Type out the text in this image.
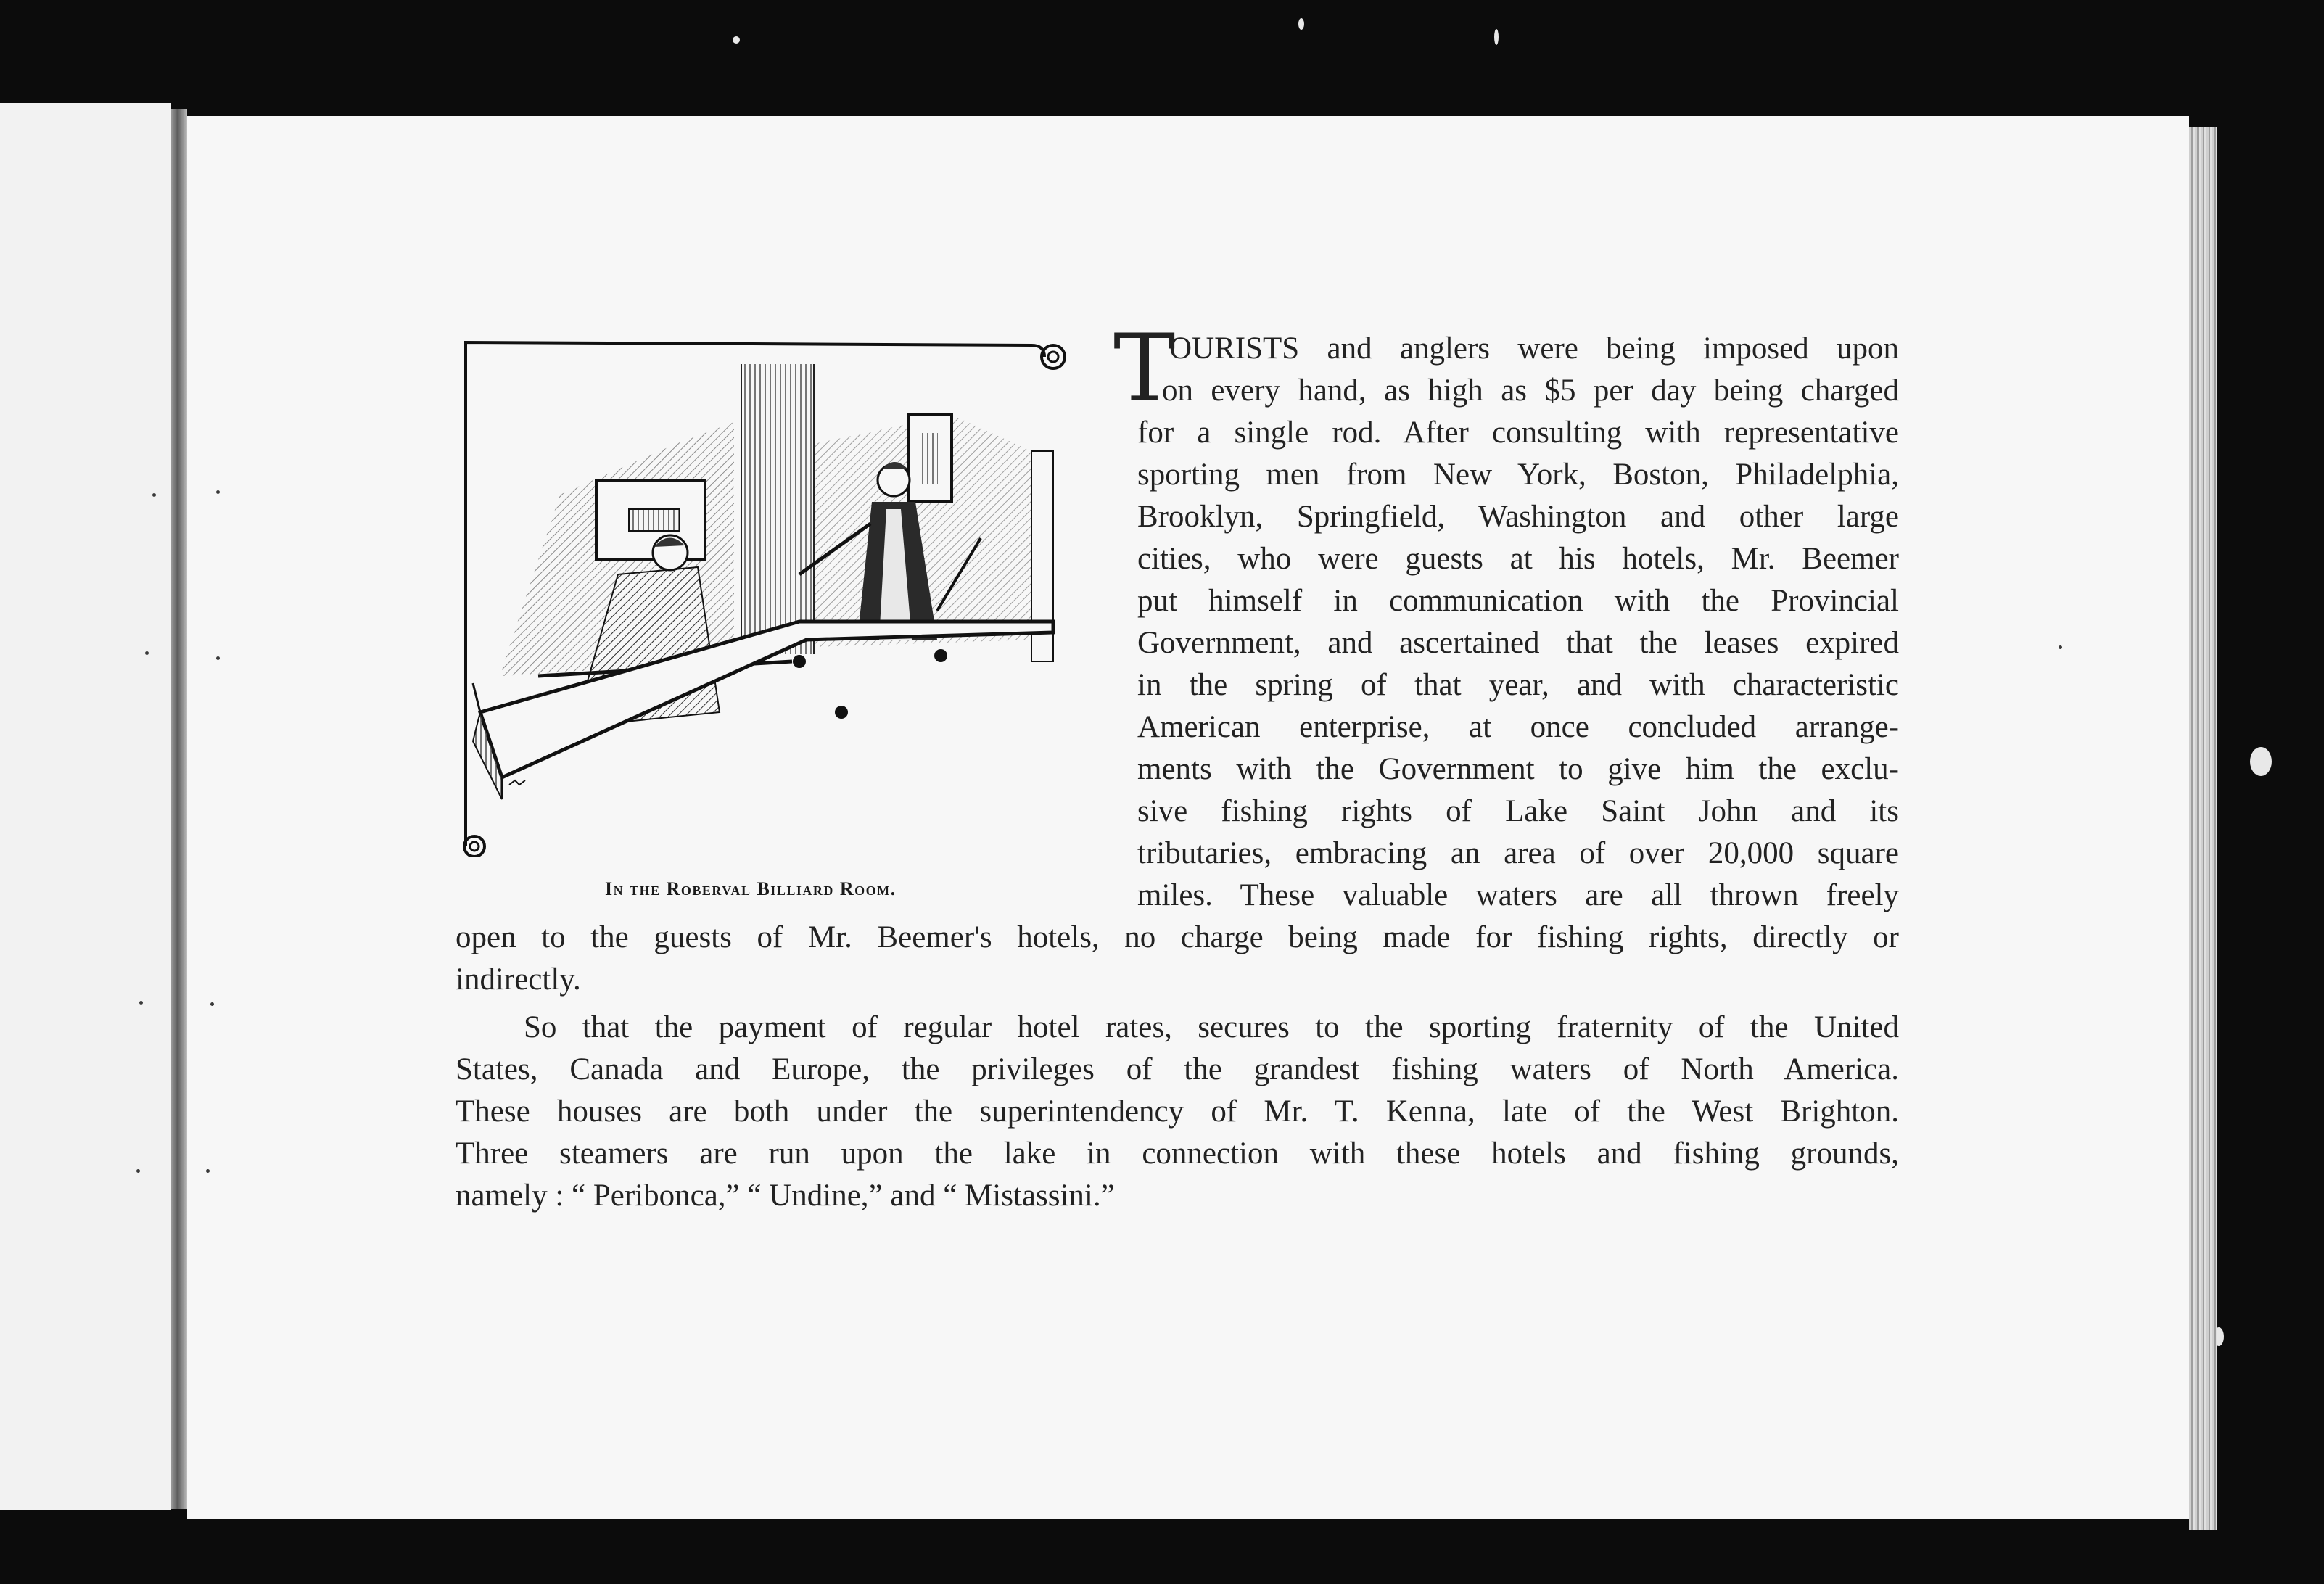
In the Roberval Billiard Room.
T
OURISTS and anglers were being imposed upon
on every hand, as high as $5 per day being charged
for a single rod. After consulting with representative
sporting men from New York, Boston, Philadelphia,
Brooklyn, Springfield, Washington and other large
cities, who were guests at his hotels, Mr. Beemer
put himself in communication with the Provincial
Government, and ascertained that the leases expired
in the spring of that year, and with characteristic
American enterprise, at once concluded arrange-
ments with the Government to give him the exclu-
sive fishing rights of Lake Saint John and its
tributaries, embracing an area of over 20,000 square
miles. These valuable waters are all thrown freely
open to the guests of Mr. Beemer's hotels, no charge being made for fishing rights, directly or
indirectly.
So that the payment of regular hotel rates, secures to the sporting fraternity of the United
States, Canada and Europe, the privileges of the grandest fishing waters of North America.
These houses are both under the superintendency of Mr. T. Kenna, late of the West Brighton.
Three steamers are run upon the lake in connection with these hotels and fishing grounds,
namely : “ Peribonca,” “ Undine,” and “ Mistassini.”
